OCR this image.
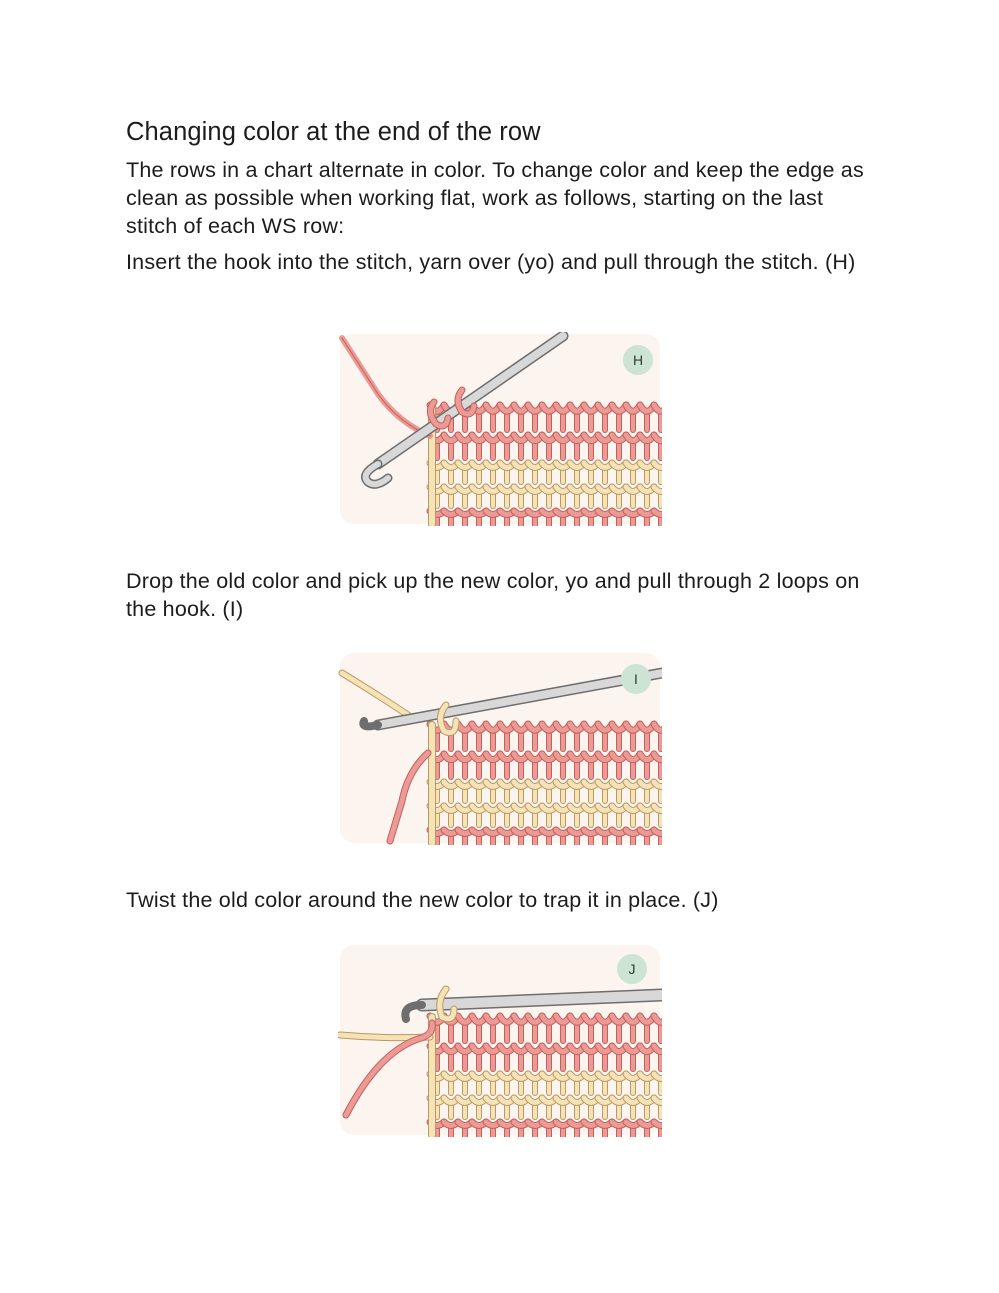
Changing color at the end of the row

The rows in a chart alternate in color. To change color and keep the edge as clean as possible when working flat, work as follows, starting on the last stitch of each WS row:

Insert the hook into the stitch, yarn over (yo) and pull through the stitch. (H)

H

Drop the old color and pick up the new color, yo and pull through 2 loops on the hook. (I)

I

Twist the old color around the new color to trap it in place. (J)

J
